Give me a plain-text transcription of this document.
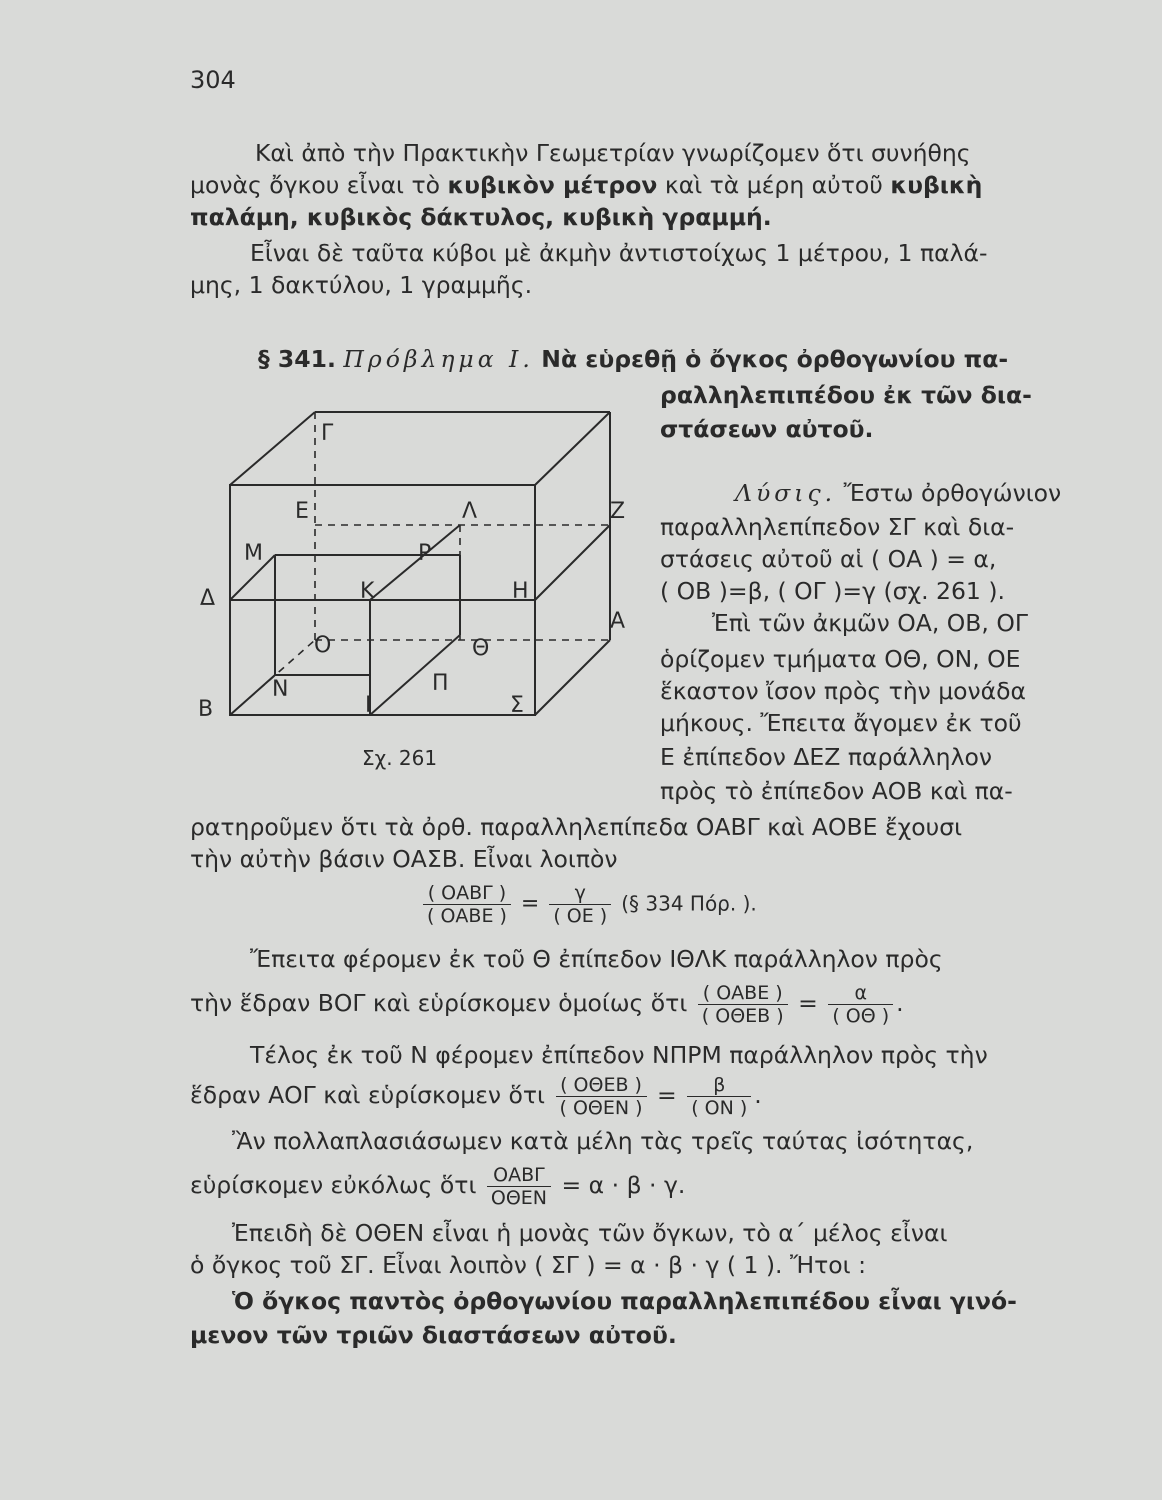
304
Καὶ ἀπὸ τὴν Πρακτικὴν Γεωμετρίαν γνωρίζομεν ὅτι συνήθης
μονὰς ὄγκου εἶναι τὸ κυβικὸν μέτρον καὶ τὰ μέρη αὐτοῦ κυβικὴ
παλάμη, κυβικὸς δάκτυλος, κυβικὴ γραμμή.
Εἶναι δὲ ταῦτα κύβοι μὲ ἀκμὴν ἀντιστοίχως 1 μέτρου, 1 παλά-
μης, 1 δακτύλου, 1 γραμμῆς.
§ 341. Πρόβλημα Ι. Νὰ εὑρεθῇ ὁ ὄγκος ὀρθογωνίου πα-
ραλληλεπιπέδου ἐκ τῶν δια-
στάσεων αὐτοῦ.
Γ
Ε	Λ	Z
Μ	Ρ
Δ	Κ	Η
Α
Ο	Θ
Ν	Π
Β	Ι	Σ
Σχ. 261
Λύσις. Ἔστω ὀρθογώνιον
παραλληλεπίπεδον ΣΓ καὶ δια-
στάσεις αὐτοῦ αἱ ( ΟΑ ) = α,
( ΟΒ )=β, ( ΟΓ )=γ (σχ. 261 ).
Ἐπὶ τῶν ἀκμῶν ΟΑ, ΟΒ, ΟΓ
ὁρίζομεν τμήματα ΟΘ, ΟΝ, ΟΕ
ἕκαστον ἴσον πρὸς τὴν μονάδα
μήκους. Ἔπειτα ἄγομεν ἐκ τοῦ
Ε ἐπίπεδον ΔΕΖ παράλληλον
πρὸς τὸ ἐπίπεδον ΑΟΒ καὶ πα-
ρατηροῦμεν ὅτι τὰ ὀρθ. παραλληλεπίπεδα ΟΑΒΓ καὶ ΑΟΒΕ ἔχουσι
τὴν αὐτὴν βάσιν ΟΑΣΒ. Εἶναι λοιπὸν
$\frac{\text{( ΟΑΒΓ )}}{\text{( ΟΑΒΕ )}} = \frac{\gamma}{( OE )}$ (§ 334 Πόρ. ).
Ἔπειτα φέρομεν ἐκ τοῦ Θ ἐπίπεδον ΙΘΛΚ παράλληλον πρὸς
τὴν ἕδραν ΒΟΓ καὶ εὑρίσκομεν ὁμοίως ὅτι $\frac{\text{( ΟΑΒΕ )}}{\text{( ΟΘΕΒ )}} = \frac{\alpha}{( O\Theta )}$ .
Τέλος ἐκ τοῦ Ν φέρομεν ἐπίπεδον ΝΠΡΜ παράλληλον πρὸς τὴν
ἕδραν ΑΟΓ καὶ εὑρίσκομεν ὅτι $\frac{\text{( ΟΘΕΒ )}}{\text{( ΟΘΕΝ )}} = \frac{\beta}{( ON )}$ .
Ἂν πολλαπλασιάσωμεν κατὰ μέλη τὰς τρεῖς ταύτας ἰσότητας,
εὑρίσκομεν εὐκόλως ὅτι $\frac{\text{ΟΑΒΓ}}{\text{ΟΘΕΝ}} = \alpha \cdot \beta \cdot \gamma$.
Ἐπειδὴ δὲ ΟΘΕΝ εἶναι ἡ μονὰς τῶν ὄγκων, τὸ α΄ μέλος εἶναι
ὁ ὄγκος τοῦ ΣΓ. Εἶναι λοιπὸν ( ΣΓ ) = α · β · γ ( 1 ). Ἤτοι :
Ὁ ὄγκος παντὸς ὀρθογωνίου παραλληλεπιπέδου εἶναι γινό-
μενον τῶν τριῶν διαστάσεων αὐτοῦ.
